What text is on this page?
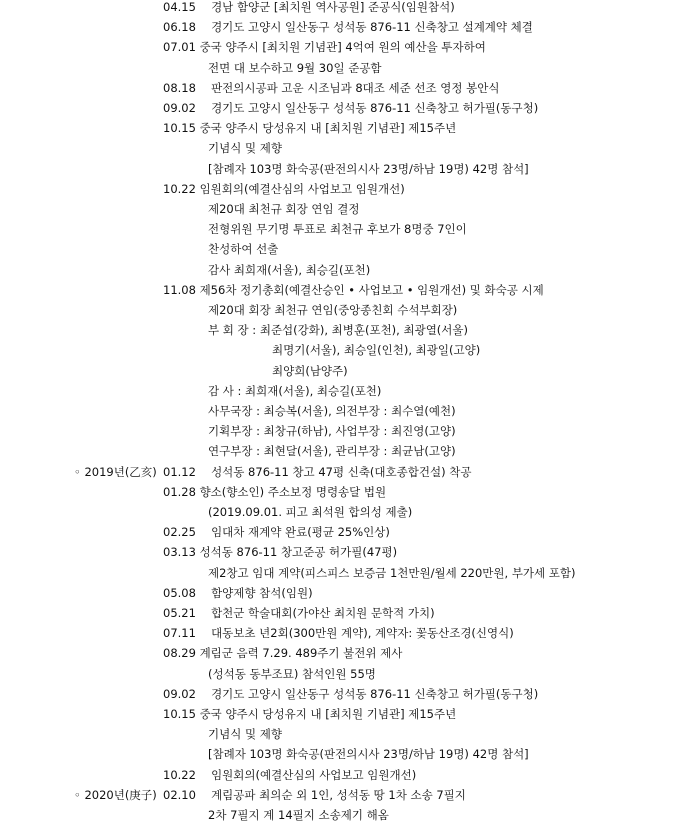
04.15　 경남 함양군 [최치원 역사공원] 준공식(임원참석)
06.18　 경기도 고양시 일산동구 성석동 876-11 신축창고 설계계약 체결
07.01 중국 양주시 [최치원 기념관] 4억여 원의 예산을 투자하여
전면 대 보수하고 9월 30일 준공함
08.18　 판전의시공파 고운 시조님과 8대조 세준 선조 영정 봉안식
09.02　 경기도 고양시 일산동구 성석동 876-11 신축창고 허가필(동구청)
10.15 중국 양주시 당성유지 내 [최치원 기념관] 제15주년
기념식 및 제향
[참례자 103명 화숙공(판전의시사 23명/하남 19명) 42명 참석]
10.22 임원회의(예결산심의 사업보고 임원개선)
제20대 최천규 회장 연임 결정
전형위원 무기명 투표로 최천규 후보가 8명중 7인이
찬성하여 선출
감사 최희재(서울), 최승길(포천)
11.08 제56차 정기총회(예결산승인 • 사업보고 • 임원개선) 및 화숙공 시제
제20대 회장 최천규 연임(중앙종친회 수석부회장)
부 회 장 : 최준섭(강화), 최병훈(포천), 최광열(서울)
최명기(서울), 최승일(인천), 최광일(고양)
최양희(남양주)
감 사 : 최희재(서울), 최승길(포천)
사무국장 : 최승복(서울), 의전부장 : 최수열(예천)
기획부장 : 최창규(하남), 사업부장 : 최진영(고양)
연구부장 : 최현달(서울), 관리부장 : 최균남(고양)
◦ 2019년(乙亥) 01.12　 성석동 876-11 창고 47평 신축(대호종합건설) 착공
01.28 향소(향소인) 주소보정 명령송달 법원
(2019.09.01. 피고 최석원 합의성 제출)
02.25　 임대차 재계약 완료(평균 25%인상)
03.13 성석동 876-11 창고준공 허가필(47평)
제2창고 임대 계약(피스피스 보증금 1천만원/월세 220만원, 부가세 포함)
05.08　 함양제향 참석(임원)
05.21　 합천군 학술대회(가야산 최치원 문학적 가치)
07.11　 대동보초 년2회(300만원 계약), 계약자: 꽃동산조경(신영식)
08.29 계림군 음력 7.29. 489주기 불전위 제사
(성석동 동부조묘) 참석인원 55명
09.02　 경기도 고양시 일산동구 성석동 876-11 신축창고 허가필(동구청)
10.15 중국 양주시 당성유지 내 [최치원 기념관] 제15주년
기념식 및 제향
[참례자 103명 화숙공(판전의시사 23명/하남 19명) 42명 참석]
10.22　 임원회의(예결산심의 사업보고 임원개선)
◦ 2020년(庚子) 02.10　 계림공파 최의순 외 1인, 성석동 땅 1차 소송 7필지
2차 7필지 계 14필지 소송제기 해옴
